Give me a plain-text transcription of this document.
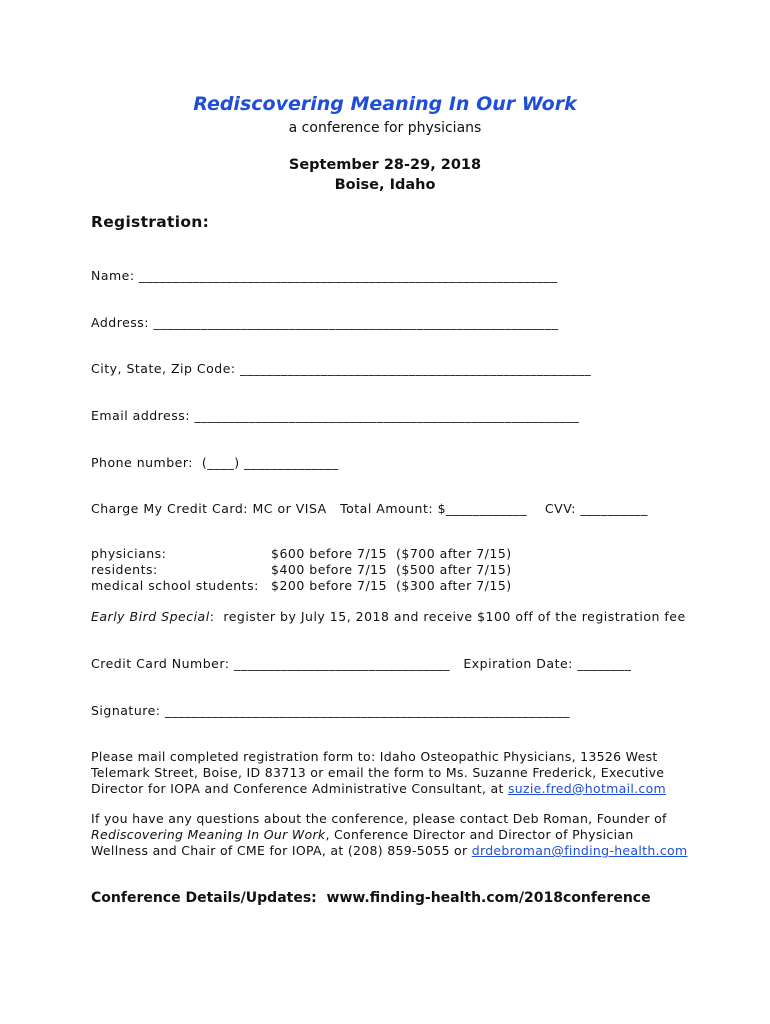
Rediscovering Meaning In Our Work
a conference for physicians
September 28-29, 2018
Boise, Idaho
Registration:
Name: ______________________________________________________________
Address: ____________________________________________________________
City, State, Zip Code: ____________________________________________________
Email address: _________________________________________________________
Phone number:  (____) ______________
Charge My Credit Card: MC or VISA   Total Amount: $____________    CVV: __________
physicians:	$600 before 7/15  ($700 after 7/15)
residents:	$400 before 7/15  ($500 after 7/15)
medical school students: $200 before 7/15  ($300 after 7/15)
Early Bird Special:  register by July 15, 2018 and receive $100 off of the registration fee
Credit Card Number: ________________________________   Expiration Date: ________
Signature: ____________________________________________________________
Please mail completed registration form to: Idaho Osteopathic Physicians, 13526 West Telemark Street, Boise, ID 83713 or email the form to Ms. Suzanne Frederick, Executive Director for IOPA and Conference Administrative Consultant, at suzie.fred@hotmail.com
If you have any questions about the conference, please contact Deb Roman, Founder of Rediscovering Meaning In Our Work, Conference Director and Director of Physician Wellness and Chair of CME for IOPA, at (208) 859-5055 or drdebroman@finding-health.com
Conference Details/Updates:  www.finding-health.com/2018conference
